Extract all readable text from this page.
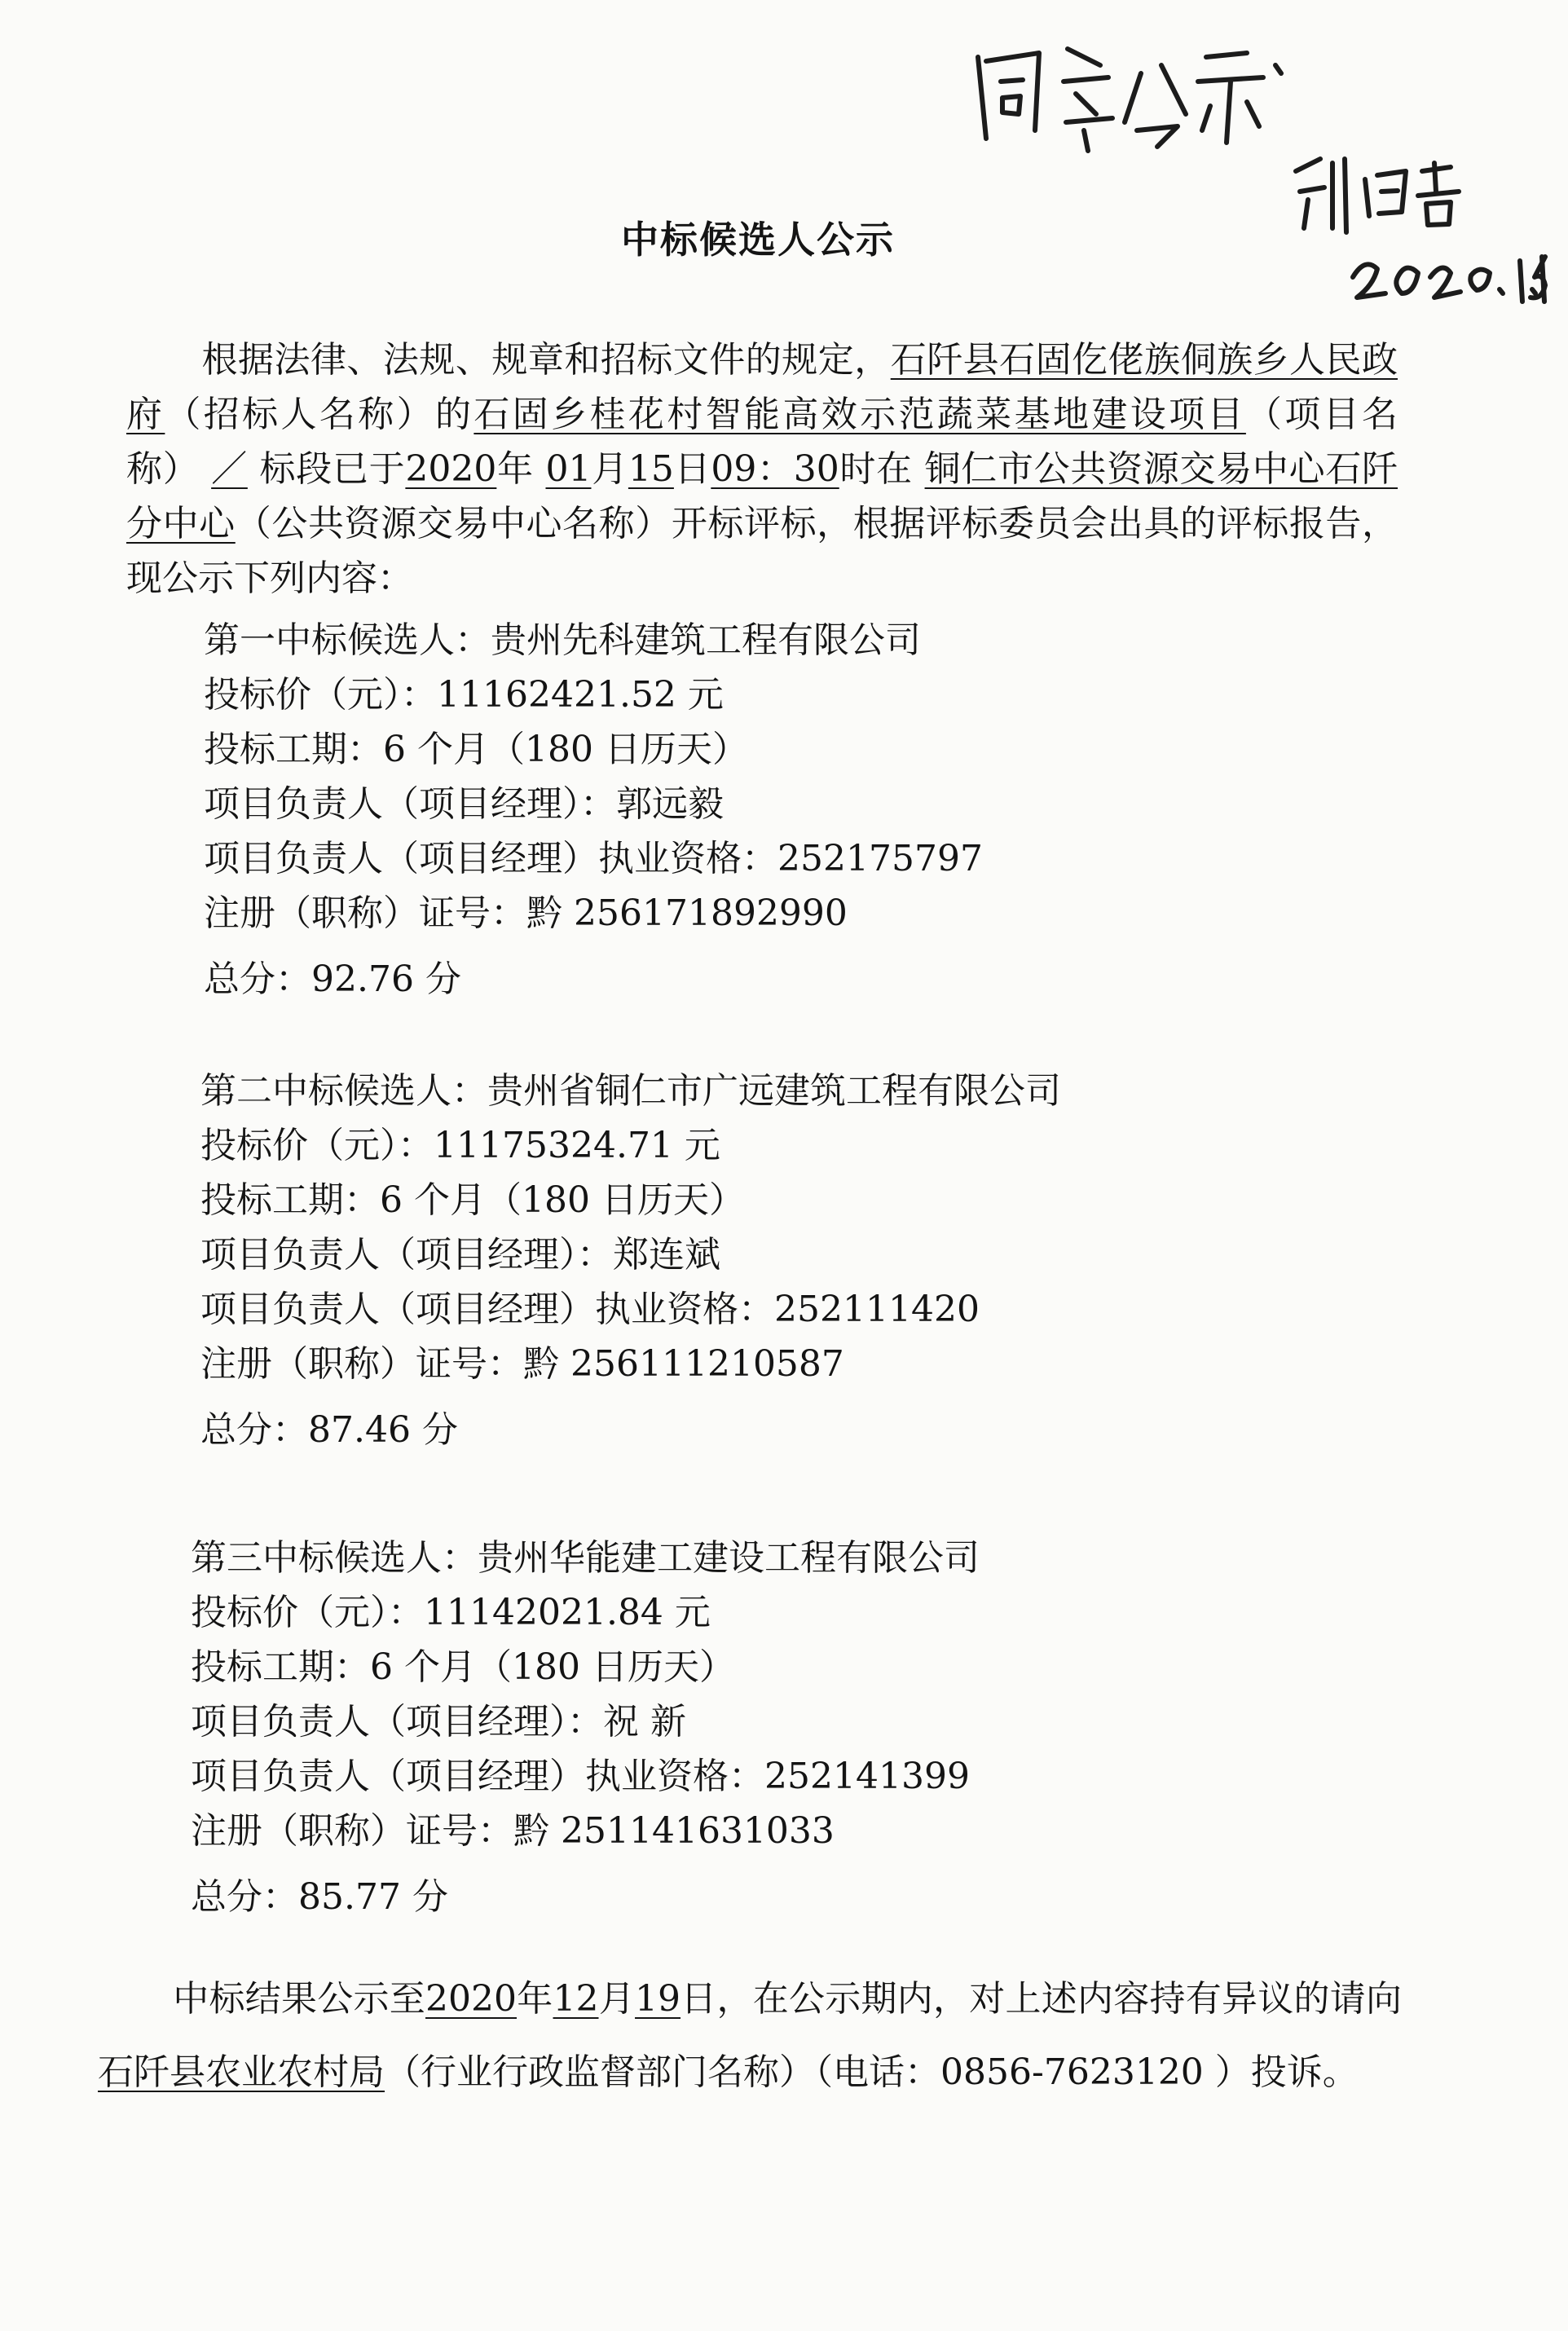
中标候选人公示
根据法律、法规、规章和招标文件的规定，石阡县石固仡佬族侗族乡人民政府（招标人名称）的石固乡桂花村智能高效示范蔬菜基地建设项目（项目名称） ／ 标段已于2020年 01月15日09：30时在 铜仁市公共资源交易中心石阡分中心（公共资源交易中心名称）开标评标，根据评标委员会出具的评标报告，现公示下列内容：
第一中标候选人：贵州先科建筑工程有限公司
投标价（元）：11162421.52 元
投标工期：6 个月（180 日历天）
项目负责人（项目经理）：郭远毅
项目负责人（项目经理）执业资格：252175797
注册（职称）证号：黔 256171892990
总分：92.76 分
第二中标候选人：贵州省铜仁市广远建筑工程有限公司
投标价（元）：11175324.71 元
投标工期：6 个月（180 日历天）
项目负责人（项目经理）：郑连斌
项目负责人（项目经理）执业资格：252111420
注册（职称）证号：黔 256111210587
总分：87.46 分
第三中标候选人：贵州华能建工建设工程有限公司
投标价（元）：11142021.84 元
投标工期：6 个月（180 日历天）
项目负责人（项目经理）：祝 新
项目负责人（项目经理）执业资格：252141399
注册（职称）证号：黔 251141631033
总分：85.77 分
中标结果公示至2020年12月19日，在公示期内，对上述内容持有异议的请向石阡县农业农村局（行业行政监督部门名称）（电话：0856-7623120 ）投诉。
